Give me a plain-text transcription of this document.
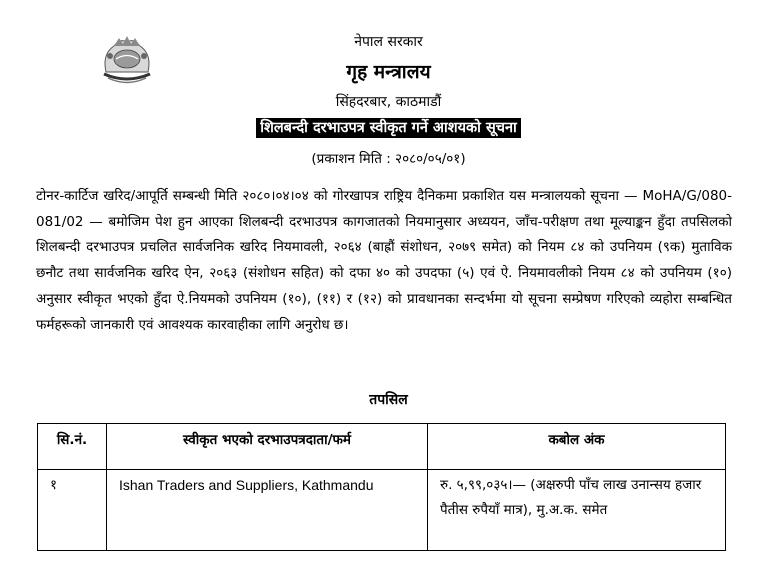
नेपाल सरकार
गृह मन्त्रालय
सिंहदरबार, काठमाडौं
शिलबन्दी दरभाउपत्र स्वीकृत गर्ने आशयको सूचना
(प्रकाशन मिति : २०८०/०५/०१)
टोनर-कार्टिज खरिद/आपूर्ति सम्बन्धी मिति २०८०।०४।०४ को गोरखापत्र राष्ट्रिय दैनिकमा प्रकाशित यस मन्त्रालयको सूचना — MoHA/G/080-081/02 — बमोजिम पेश हुन आएका शिलबन्दी दरभाउपत्र कागजातको नियमानुसार अध्ययन, जाँच-परीक्षण तथा मूल्याङ्कन हुँदा तपसिलको शिलबन्दी दरभाउपत्र प्रचलित सार्वजनिक खरिद नियमावली, २०६४ (बाह्रौं संशोधन, २०७९ समेत) को नियम ८४ को उपनियम (९क) मुताविक छनौट तथा सार्वजनिक खरिद ऐन, २०६३ (संशोधन सहित) को दफा ४० को उपदफा (५) एवं ऐ. नियमावलीको नियम ८४ को उपनियम (१०) अनुसार स्वीकृत भएको हुँदा ऐ.नियमको उपनियम (१०), (११) र (१२) को प्रावधानका सन्दर्भमा यो सूचना सम्प्रेषण गरिएको व्यहोरा सम्बन्धित फर्महरूको जानकारी एवं आवश्यक कारवाहीका लागि अनुरोध छ।
तपसिल
सि.नं.	स्वीकृत भएको दरभाउपत्रदाता/फर्म	कबोल अंक
१	Ishan Traders and Suppliers, Kathmandu	रु. ५,९९,०३५।— (अक्षरुपी पाँच लाख उनान्सय हजार पैतीस रुपैयाँ मात्र), मु.अ.क. समेत
